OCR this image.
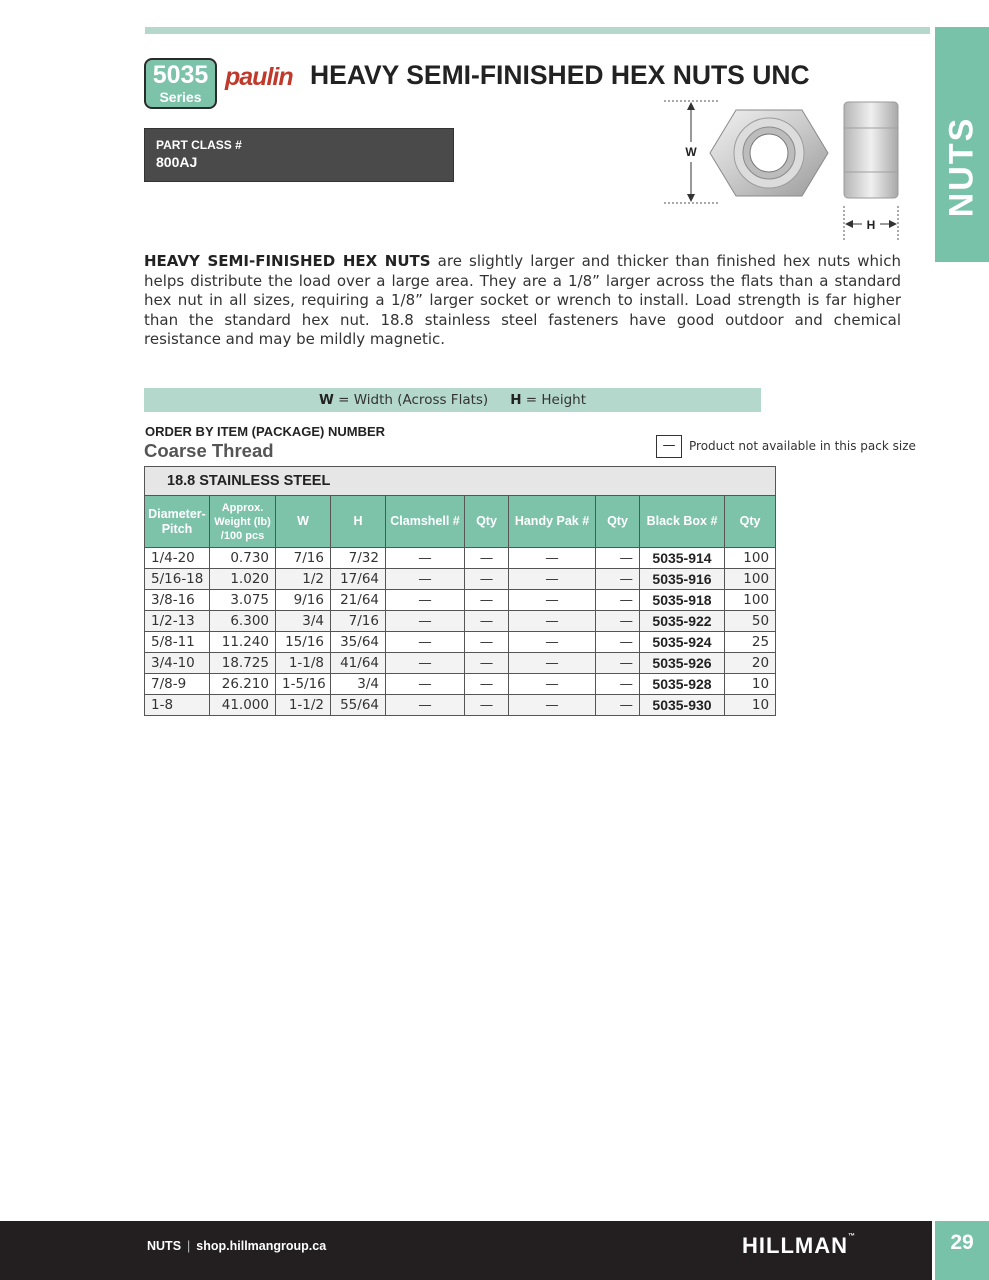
NUTS
5035
Series
paulin HEAVY SEMI-FINISHED HEX NUTS UNC
PART CLASS #
800AJ
W
H

HEAVY SEMI-FINISHED HEX NUTS are slightly larger and thicker than finished hex nuts which helps distribute the load over a large area. They are a 1/8” larger across the flats than a standard hex nut in all sizes, requiring a 1/8” larger socket or wrench to install. Load strength is far higher than the standard hex nut. 18.8 stainless steel fasteners have good outdoor and chemical resistance and may be mildly magnetic.

W = Width (Across Flats) H = Height
ORDER BY ITEM (PACKAGE) NUMBER
Coarse Thread	—	Product not available in this pack size
18.8 STAINLESS STEEL									
Diameter-Pitch	Approx. Weight (lb) /100 pcs	W	H	Clamshell #	Qty	Handy Pak #	Qty	Black Box #	Qty
1/4-20	0.730	7/16	7/32	—	—	—	—	5035-914	100
5/16-18	1.020	1/2	17/64	—	—	—	—	5035-916	100
3/8-16	3.075	9/16	21/64	—	—	—	—	5035-918	100
1/2-13	6.300	3/4	7/16	—	—	—	—	5035-922	50
5/8-11	11.240	15/16	35/64	—	—	—	—	5035-924	25
3/4-10	18.725	1-1/8	41/64	—	—	—	—	5035-926	20
7/8-9	26.210	1-5/16	3/4	—	—	—	—	5035-928	10
1-8	41.000	1-1/2	55/64	—	—	—	—	5035-930	10
NUTS | shop.hillmangroup.ca	HILLMAN™	29
